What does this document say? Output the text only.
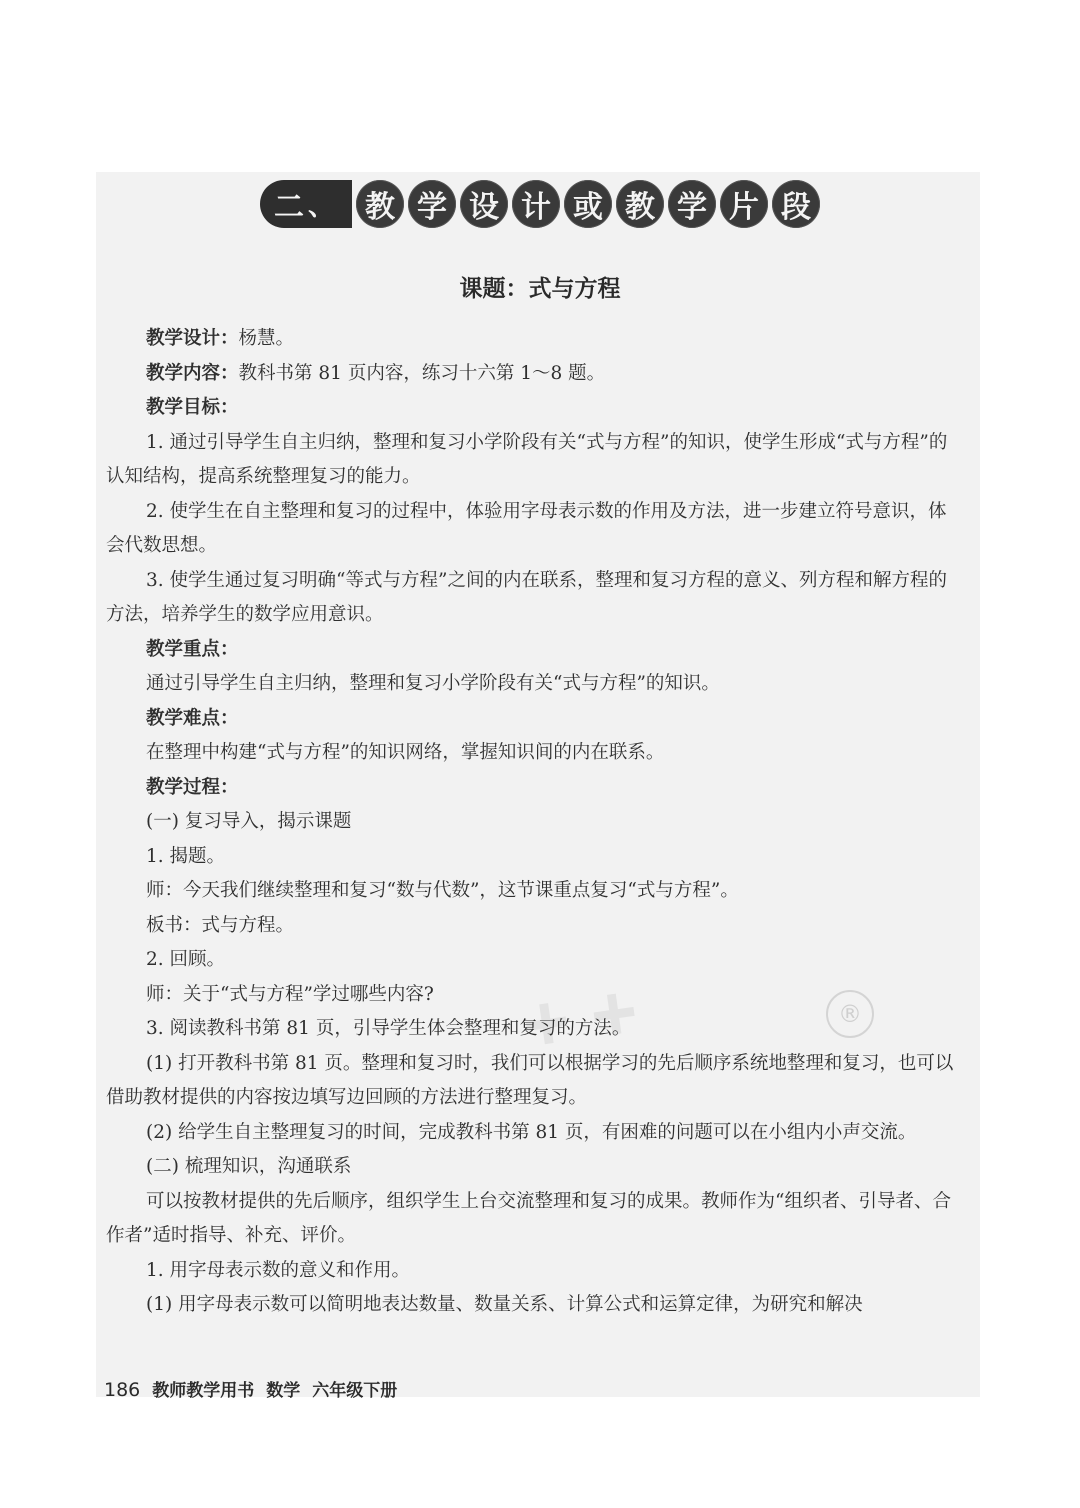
二 、	教 学 设 计 或 教 学 片 段
课题：式与方程
ᐩᐩ	®

教学设计：杨慧。

教学内容：教科书第 81 页内容，练习十六第 1～8 题。

教学目标：

1. 通过引导学生自主归纳，整理和复习小学阶段有关“式与方程”的知识，使学生形成“式与方程”的认知结构，提高系统整理复习的能力。

2. 使学生在自主整理和复习的过程中，体验用字母表示数的作用及方法，进一步建立符号意识，体会代数思想。

3. 使学生通过复习明确“等式与方程”之间的内在联系，整理和复习方程的意义、列方程和解方程的方法，培养学生的数学应用意识。

教学重点：

通过引导学生自主归纳，整理和复习小学阶段有关“式与方程”的知识。

教学难点：

在整理中构建“式与方程”的知识网络，掌握知识间的内在联系。

教学过程：

(一) 复习导入，揭示课题

1. 揭题。

师：今天我们继续整理和复习“数与代数”，这节课重点复习“式与方程”。

板书：式与方程。

2. 回顾。

师：关于“式与方程”学过哪些内容?

3. 阅读教科书第 81 页，引导学生体会整理和复习的方法。

(1) 打开教科书第 81 页。整理和复习时，我们可以根据学习的先后顺序系统地整理和复习，也可以借助教材提供的内容按边填写边回顾的方法进行整理复习。

(2) 给学生自主整理复习的时间，完成教科书第 81 页，有困难的问题可以在小组内小声交流。

(二) 梳理知识，沟通联系

可以按教材提供的先后顺序，组织学生上台交流整理和复习的成果。教师作为“组织者、引导者、合作者”适时指导、补充、评价。

1. 用字母表示数的意义和作用。

(1) 用字母表示数可以简明地表达数量、数量关系、计算公式和运算定律，为研究和解决

186 教师教学用书 数学 六年级下册
